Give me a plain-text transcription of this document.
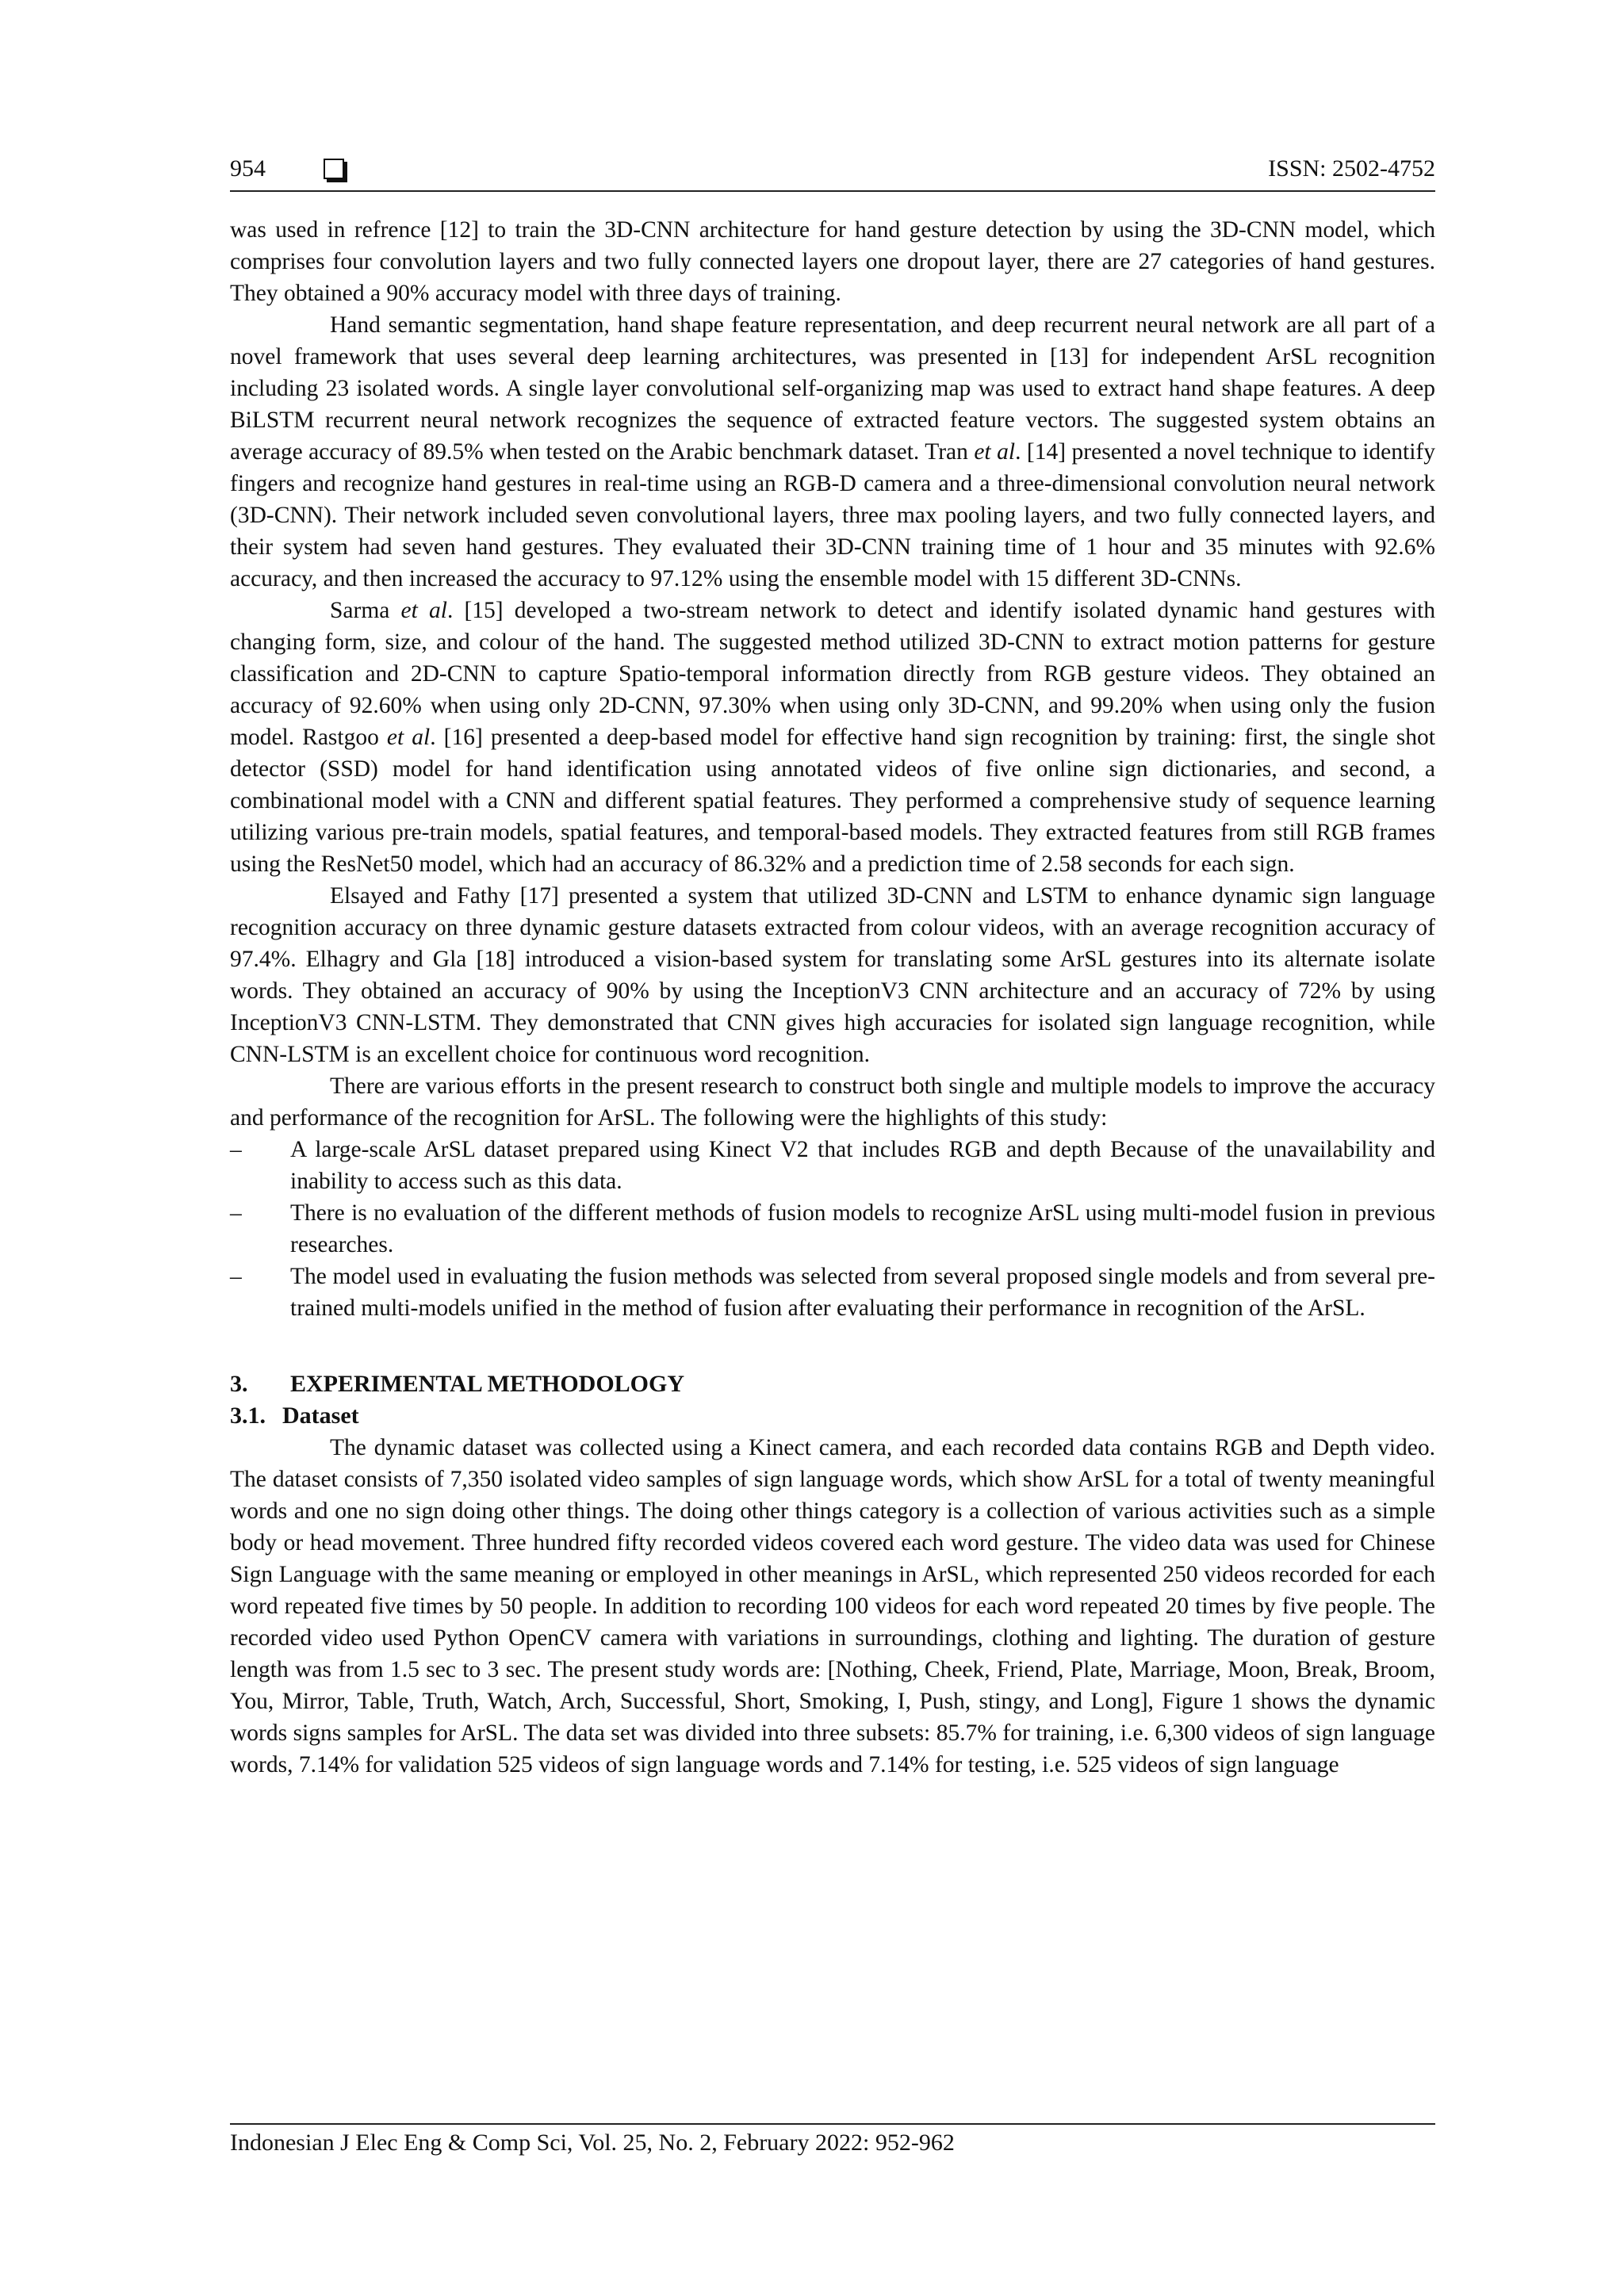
954	ISSN: 2502-4752

was used in refrence [12] to train the 3D-CNN architecture for hand gesture detection by using the 3D-CNN model, which comprises four convolution layers and two fully connected layers one dropout layer, there are 27 categories of hand gestures. They obtained a 90% accuracy model with three days of training.

Hand semantic segmentation, hand shape feature representation, and deep recurrent neural network are all part of a novel framework that uses several deep learning architectures, was presented in [13] for independent ArSL recognition including 23 isolated words. A single layer convolutional self-organizing map was used to extract hand shape features. A deep BiLSTM recurrent neural network recognizes the sequence of extracted feature vectors. The suggested system obtains an average accuracy of 89.5% when tested on the Arabic benchmark dataset. Tran et al. [14] presented a novel technique to identify fingers and recognize hand gestures in real-time using an RGB-D camera and a three-dimensional convolution neural network (3D-CNN). Their network included seven convolutional layers, three max pooling layers, and two fully connected layers, and their system had seven hand gestures. They evaluated their 3D-CNN training time of 1 hour and 35 minutes with 92.6% accuracy, and then increased the accuracy to 97.12% using the ensemble model with 15 different 3D-CNNs.

Sarma et al. [15] developed a two-stream network to detect and identify isolated dynamic hand gestures with changing form, size, and colour of the hand. The suggested method utilized 3D-CNN to extract motion patterns for gesture classification and 2D-CNN to capture Spatio-temporal information directly from RGB gesture videos. They obtained an accuracy of 92.60% when using only 2D-CNN, 97.30% when using only 3D-CNN, and 99.20% when using only the fusion model. Rastgoo et al. [16] presented a deep-based model for effective hand sign recognition by training: first, the single shot detector (SSD) model for hand identification using annotated videos of five online sign dictionaries, and second, a combinational model with a CNN and different spatial features. They performed a comprehensive study of sequence learning utilizing various pre-train models, spatial features, and temporal-based models. They extracted features from still RGB frames using the ResNet50 model, which had an accuracy of 86.32% and a prediction time of 2.58 seconds for each sign.

Elsayed and Fathy [17] presented a system that utilized 3D-CNN and LSTM to enhance dynamic sign language recognition accuracy on three dynamic gesture datasets extracted from colour videos, with an average recognition accuracy of 97.4%. Elhagry and Gla [18] introduced a vision-based system for translating some ArSL gestures into its alternate isolate words. They obtained an accuracy of 90% by using the InceptionV3 CNN architecture and an accuracy of 72% by using InceptionV3 CNN-LSTM. They demonstrated that CNN gives high accuracies for isolated sign language recognition, while CNN-LSTM is an excellent choice for continuous word recognition.

There are various efforts in the present research to construct both single and multiple models to improve the accuracy and performance of the recognition for ArSL. The following were the highlights of this study:

– A large-scale ArSL dataset prepared using Kinect V2 that includes RGB and depth Because of the unavailability and inability to access such as this data.
– There is no evaluation of the different methods of fusion models to recognize ArSL using multi-model fusion in previous researches.
– The model used in evaluating the fusion methods was selected from several proposed single models and from several pre-trained multi-models unified in the method of fusion after evaluating their performance in recognition of the ArSL.
3. EXPERIMENTAL METHODOLOGY
3.1. Dataset

The dynamic dataset was collected using a Kinect camera, and each recorded data contains RGB and Depth video. The dataset consists of 7,350 isolated video samples of sign language words, which show ArSL for a total of twenty meaningful words and one no sign doing other things. The doing other things category is a collection of various activities such as a simple body or head movement. Three hundred fifty recorded videos covered each word gesture. The video data was used for Chinese Sign Language with the same meaning or employed in other meanings in ArSL, which represented 250 videos recorded for each word repeated five times by 50 people. In addition to recording 100 videos for each word repeated 20 times by five people. The recorded video used Python OpenCV camera with variations in surroundings, clothing and lighting. The duration of gesture length was from 1.5 sec to 3 sec. The present study words are: [Nothing, Cheek, Friend, Plate, Marriage, Moon, Break, Broom, You, Mirror, Table, Truth, Watch, Arch, Successful, Short, Smoking, I, Push, stingy, and Long], Figure 1 shows the dynamic words signs samples for ArSL. The data set was divided into three subsets: 85.7% for training, i.e. 6,300 videos of sign language words, 7.14% for validation 525 videos of sign language words and 7.14% for testing, i.e. 525 videos of sign language

Indonesian J Elec Eng & Comp Sci, Vol. 25, No. 2, February 2022: 952-962
